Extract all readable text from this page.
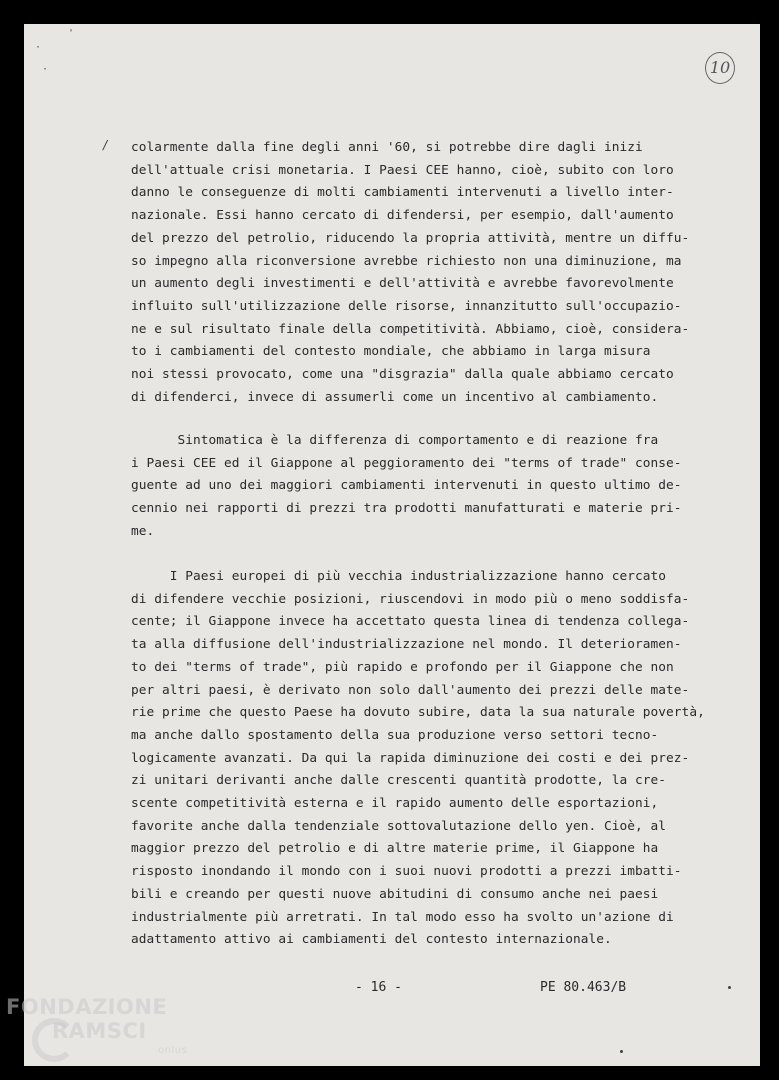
·
'
·	10
/ colarmente dalla fine degli anni '60, si potrebbe dire dagli inizi
dell'attuale crisi monetaria. I Paesi CEE hanno, cioè, subito con loro
danno le conseguenze di molti cambiamenti intervenuti a livello inter-
nazionale. Essi hanno cercato di difendersi, per esempio, dall'aumento
del prezzo del petrolio, riducendo la propria attività, mentre un diffu-
so impegno alla riconversione avrebbe richiesto non una diminuzione, ma
un aumento degli investimenti e dell'attività e avrebbe favorevolmente
influito sull'utilizzazione delle risorse, innanzitutto sull'occupazio-
ne e sul risultato finale della competitività. Abbiamo, cioè, considera-
to i cambiamenti del contesto mondiale, che abbiamo in larga misura
noi stessi provocato, come una "disgrazia" dalla quale abbiamo cercato
di difenderci, invece di assumerli come un incentivo al cambiamento.
Sintomatica è la differenza di comportamento e di reazione fra
i Paesi CEE ed il Giappone al peggioramento dei "terms of trade" conse-
guente ad uno dei maggiori cambiamenti intervenuti in questo ultimo de-
cennio nei rapporti di prezzi tra prodotti manufatturati e materie pri-
me.
I Paesi europei di più vecchia industrializzazione hanno cercato
di difendere vecchie posizioni, riuscendovi in modo più o meno soddisfa-
cente; il Giappone invece ha accettato questa linea di tendenza collega-
ta alla diffusione dell'industrializzazione nel mondo. Il deterioramen-
to dei "terms of trade", più rapido e profondo per il Giappone che non
per altri paesi, è derivato non solo dall'aumento dei prezzi delle mate-
rie prime che questo Paese ha dovuto subire, data la sua naturale povertà,
ma anche dallo spostamento della sua produzione verso settori tecno-
logicamente avanzati. Da qui la rapida diminuzione dei costi e dei prez-
zi unitari derivanti anche dalle crescenti quantità prodotte, la cre-
scente competitività esterna e il rapido aumento delle esportazioni,
favorite anche dalla tendenziale sottovalutazione dello yen. Cioè, al
maggior prezzo del petrolio e di altre materie prime, il Giappone ha
risposto inondando il mondo con i suoi nuovi prodotti a prezzi imbatti-
bili e creando per questi nuove abitudini di consumo anche nei paesi
industrialmente più arretrati. In tal modo esso ha svolto un'azione di
adattamento attivo ai cambiamenti del contesto internazionale.
- 16 -	PE 80.463/B
FONDAZIONE
RAMSCI
onlus
